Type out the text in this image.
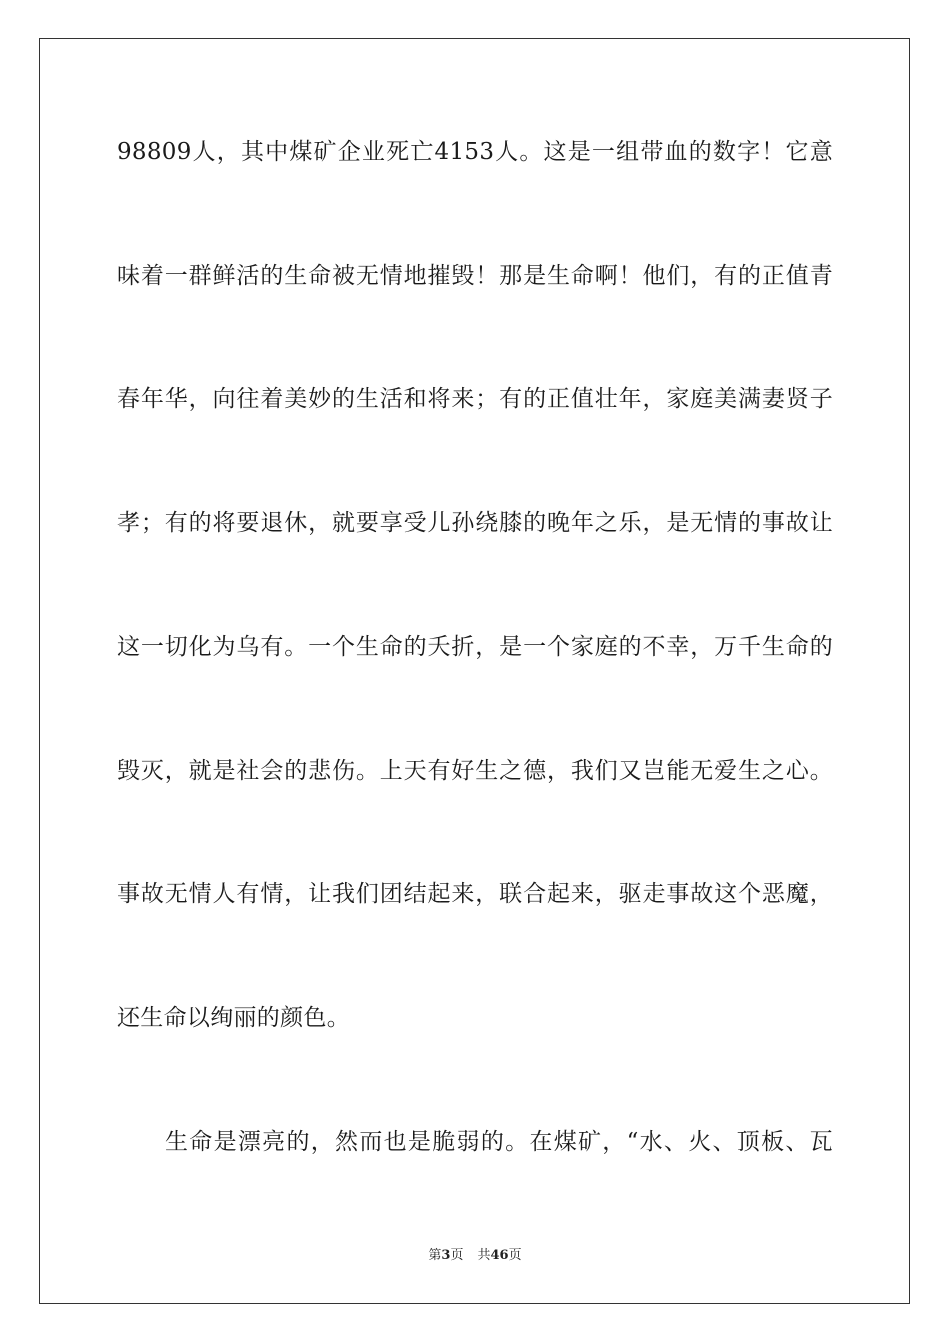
98809人，其中煤矿企业死亡4153人。这是一组带血的数字！它意
味着一群鲜活的生命被无情地摧毁！那是生命啊！他们，有的正值青
春年华，向往着美妙的生活和将来；有的正值壮年，家庭美满妻贤子
孝；有的将要退休，就要享受儿孙绕膝的晚年之乐，是无情的事故让
这一切化为乌有。一个生命的夭折，是一个家庭的不幸，万千生命的
毁灭，就是社会的悲伤。上天有好生之德，我们又岂能无爱生之心。
事故无情人有情，让我们团结起来，联合起来，驱走事故这个恶魔，
还生命以绚丽的颜色。
生命是漂亮的，然而也是脆弱的。在煤矿，“水、火、顶板、瓦
第3页 共46页
